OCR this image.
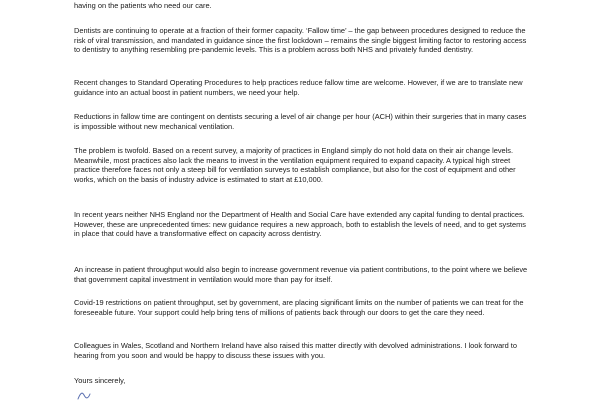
having on the patients who need our care.

Dentists are continuing to operate at a fraction of their former capacity. ‘Fallow time’ – the gap between procedures designed to reduce the risk of viral transmission, and mandated in guidance since the first lockdown – remains the single biggest limiting factor to restoring access to dentistry to anything resembling pre-pandemic levels. This is a problem across both NHS and privately funded dentistry.

Recent changes to Standard Operating Procedures to help practices reduce fallow time are welcome. However, if we are to translate new guidance into an actual boost in patient numbers, we need your help.

Reductions in fallow time are contingent on dentists securing a level of air change per hour (ACH) within their surgeries that in many cases is impossible without new mechanical ventilation.

The problem is twofold. Based on a recent survey, a majority of practices in England simply do not hold data on their air change levels. Meanwhile, most practices also lack the means to invest in the ventilation equipment required to expand capacity. A typical high street practice therefore faces not only a steep bill for ventilation surveys to establish compliance, but also for the cost of equipment and other works, which on the basis of industry advice is estimated to start at £10,000.

In recent years neither NHS England nor the Department of Health and Social Care have extended any capital funding to dental practices. However, these are unprecedented times: new guidance requires a new approach, both to establish the levels of need, and to get systems in place that could have a transformative effect on capacity across dentistry.

An increase in patient throughput would also begin to increase government revenue via patient contributions, to the point where we believe that government capital investment in ventilation would more than pay for itself.

Covid-19 restrictions on patient throughput, set by government, are placing significant limits on the number of patients we can treat for the foreseeable future. Your support could help bring tens of millions of patients back through our doors to get the care they need.

Colleagues in Wales, Scotland and Northern Ireland have also raised this matter directly with devolved administrations. I look forward to hearing from you soon and would be happy to discuss these issues with you.

Yours sincerely,
